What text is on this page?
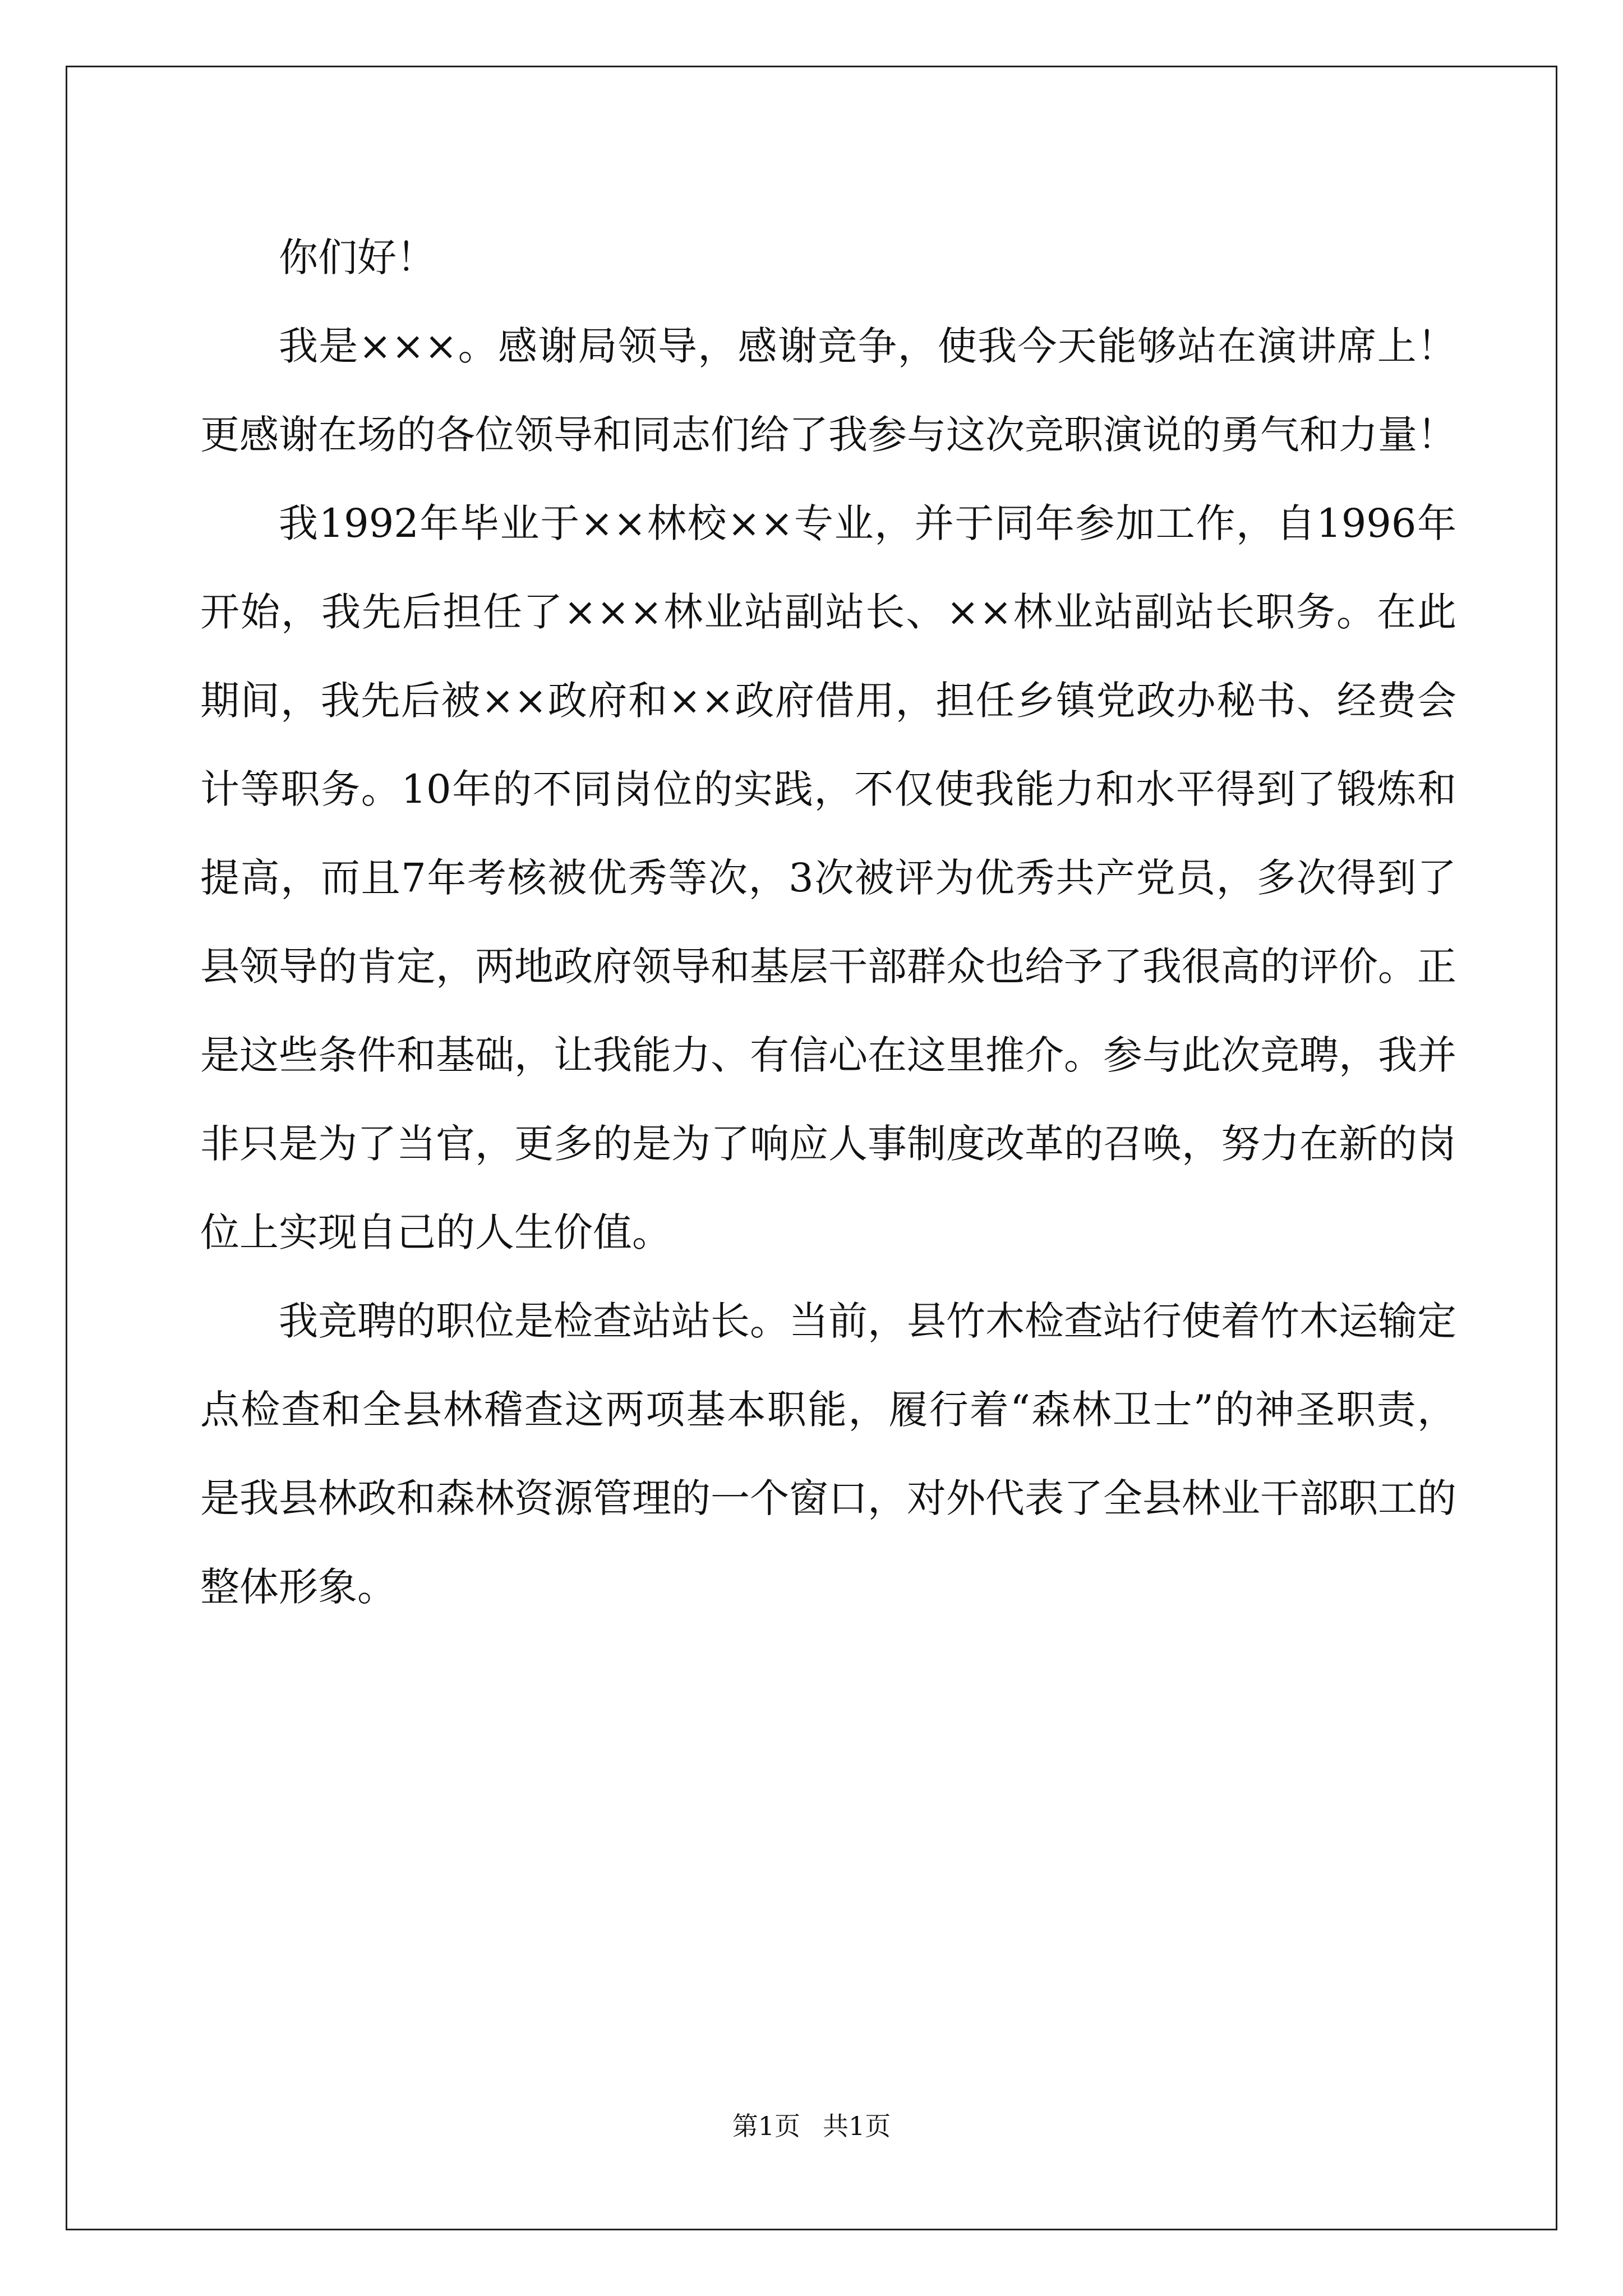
你们好！

我是×××。感谢局领导，感谢竞争，使我今天能够站在演讲席上！更感谢在场的各位领导和同志们给了我参与这次竞职演说的勇气和力量！

我1992年毕业于××林校××专业，并于同年参加工作，自1996年开始，我先后担任了×××林业站副站长、××林业站副站长职务。在此期间，我先后被××政府和××政府借用，担任乡镇党政办秘书、经费会计等职务。10年的不同岗位的实践，不仅使我能力和水平得到了锻炼和提高，而且7年考核被优秀等次，3次被评为优秀共产党员，多次得到了县领导的肯定，两地政府领导和基层干部群众也给予了我很高的评价。正是这些条件和基础，让我能力、有信心在这里推介。参与此次竞聘，我并非只是为了当官，更多的是为了响应人事制度改革的召唤，努力在新的岗位上实现自己的人生价值。

我竞聘的职位是检查站站长。当前，县竹木检查站行使着竹木运输定点检查和全县林稽查这两项基本职能，履行着“森林卫士”的神圣职责，是我县林政和森林资源管理的一个窗口，对外代表了全县林业干部职工的整体形象。

第1页 共1页
